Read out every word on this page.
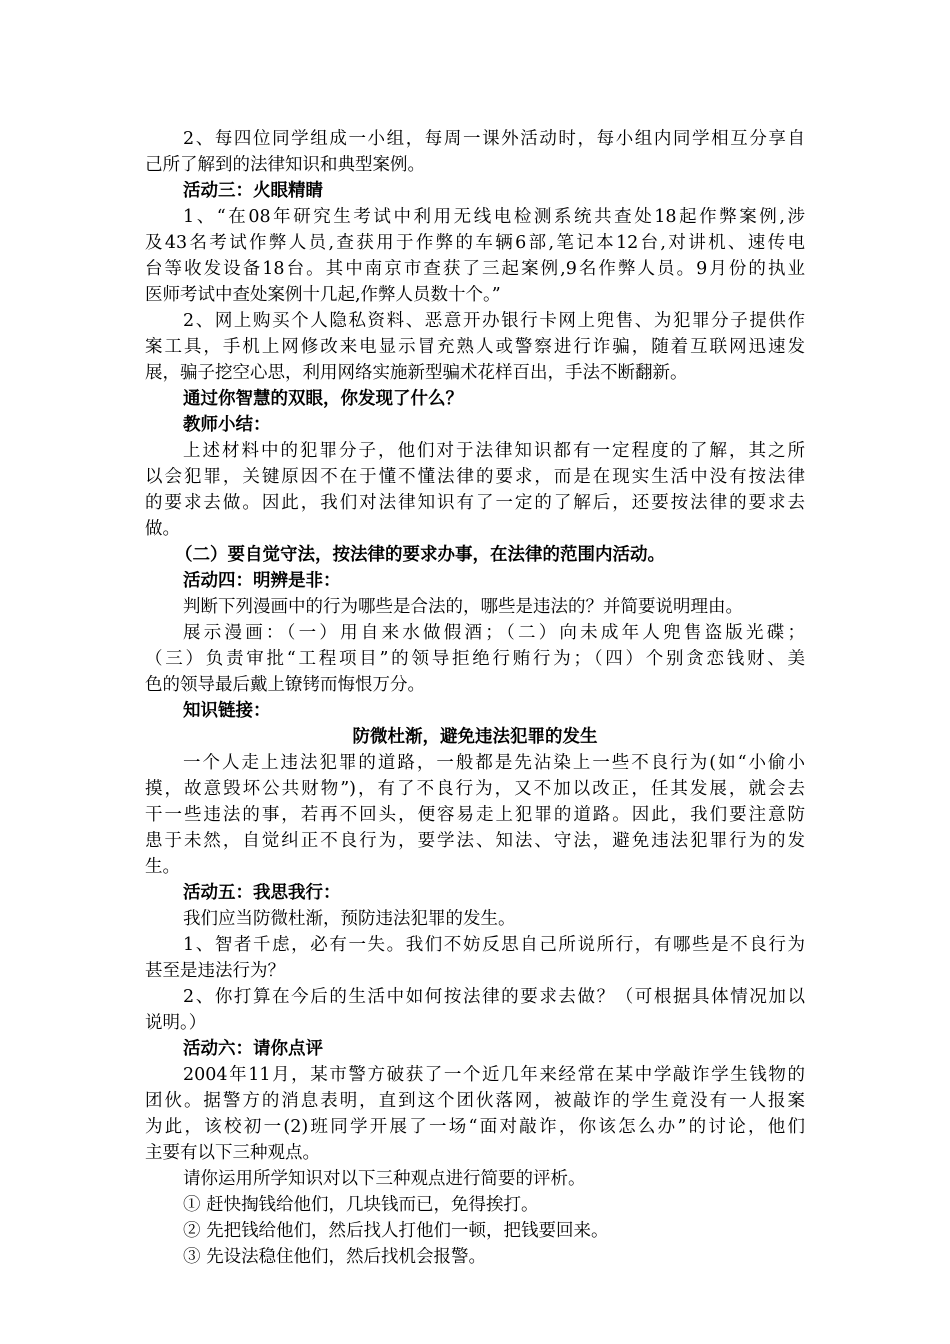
2、每四位同学组成一小组，每周一课外活动时，每小组内同学相互分享自
己所了解到的法律知识和典型案例。
活动三：火眼精睛
1、“在08年研究生考试中利用无线电检测系统共查处18起作弊案例,涉
及43名考试作弊人员,查获用于作弊的车辆6部,笔记本12台,对讲机、速传电
台等收发设备18台。其中南京市查获了三起案例,9名作弊人员。9月份的执业
医师考试中查处案例十几起,作弊人员数十个。”
2、网上购买个人隐私资料、恶意开办银行卡网上兜售、为犯罪分子提供作
案工具，手机上网修改来电显示冒充熟人或警察进行诈骗，随着互联网迅速发
展，骗子挖空心思，利用网络实施新型骗术花样百出，手法不断翻新。
通过你智慧的双眼，你发现了什么？
教师小结：
上述材料中的犯罪分子，他们对于法律知识都有一定程度的了解，其之所
以会犯罪，关键原因不在于懂不懂法律的要求，而是在现实生活中没有按法律
的要求去做。因此，我们对法律知识有了一定的了解后，还要按法律的要求去
做。
（二）要自觉守法，按法律的要求办事，在法律的范围内活动。
活动四：明辨是非：
判断下列漫画中的行为哪些是合法的，哪些是违法的？并简要说明理由。
展示漫画：（一）用自来水做假酒；（二）向未成年人兜售盗版光碟；
（三）负责审批“工程项目”的领导拒绝行贿行为；（四）个别贪恋钱财、美
色的领导最后戴上镣铐而悔恨万分。
知识链接：
防微杜渐，避免违法犯罪的发生
一个人走上违法犯罪的道路，一般都是先沾染上一些不良行为(如“小偷小
摸，故意毁坏公共财物”)，有了不良行为，又不加以改正，任其发展，就会去
干一些违法的事，若再不回头，便容易走上犯罪的道路。因此，我们要注意防
患于未然，自觉纠正不良行为，要学法、知法、守法，避免违法犯罪行为的发
生。
活动五：我思我行：
我们应当防微杜渐，预防违法犯罪的发生。
1、智者千虑，必有一失。我们不妨反思自己所说所行，有哪些是不良行为
甚至是违法行为？
2、你打算在今后的生活中如何按法律的要求去做？（可根据具体情况加以
说明。）
活动六：请你点评
2004年11月，某市警方破获了一个近几年来经常在某中学敲诈学生钱物的
团伙。据警方的消息表明，直到这个团伙落网，被敲诈的学生竟没有一人报案
为此，该校初一(2)班同学开展了一场“面对敲诈，你该怎么办”的讨论，他们
主要有以下三种观点。
请你运用所学知识对以下三种观点进行简要的评析。
① 赶快掏钱给他们，几块钱而已，免得挨打。
② 先把钱给他们，然后找人打他们一顿，把钱要回来。
③ 先设法稳住他们，然后找机会报警。
